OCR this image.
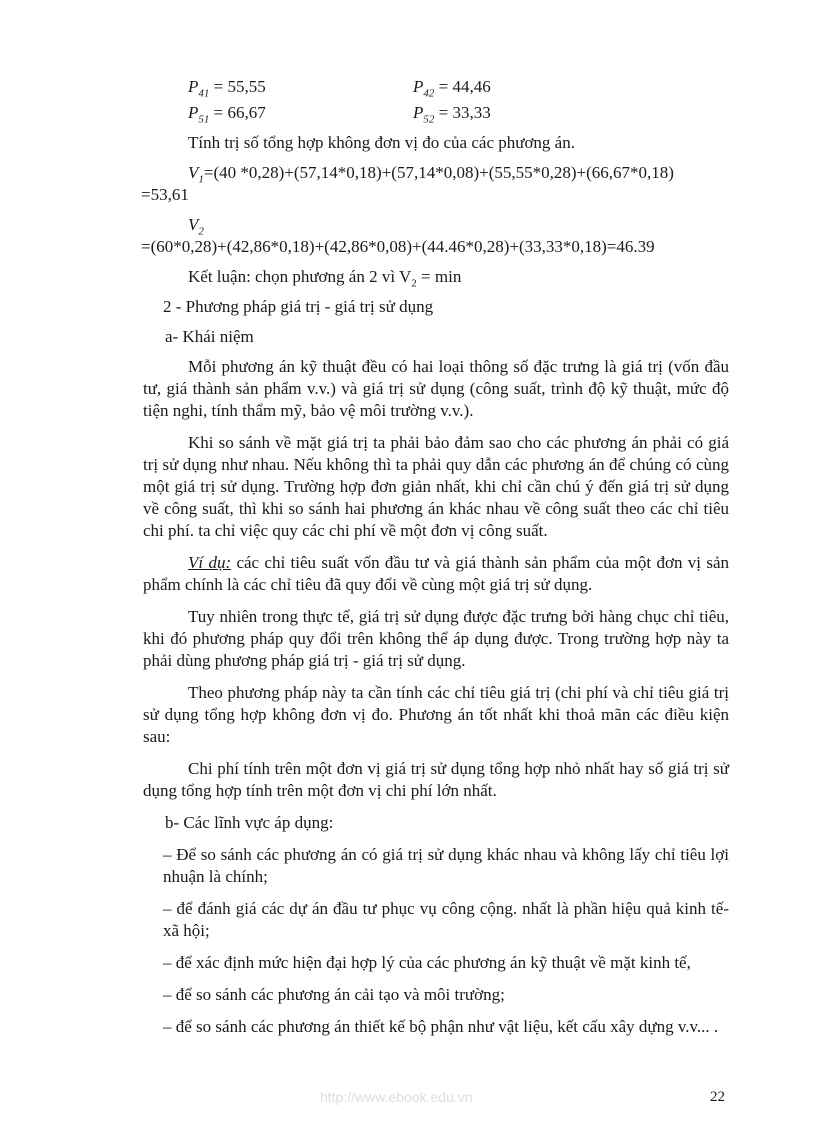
$P_{41} = 55,55$	$P_{42} = 44,46$
$P_{51} = 66,67$	$P_{52} = 33,33$

Tính trị số tổng hợp không đơn vị đo của các phương án.

$V_1=(40$ *0,28)+(57,14*0,18)+(57,14*0,08)+(55,55*0,28)+(66,67*0,18)

=53,61

$V_2$

=(60*0,28)+(42,86*0,18)+(42,86*0,08)+(44.46*0,28)+(33,33*0,18)=46.39

Kết luận: chọn phương án 2 vì $V_2 = \min$

2 - Phương pháp giá trị - giá trị sử dụng

a- Khái niệm

Mỗi phương án kỹ thuật đều có hai loại thông số đặc trưng là giá trị (vốn đầu tư, giá thành sản phẩm v.v.) và giá trị sử dụng (công suất, trình độ kỹ thuật, mức độ tiện nghi, tính thẩm mỹ, bảo vệ môi trường v.v.).

Khi so sánh về mặt giá trị ta phải bảo đảm sao cho các phương án phải có giá trị sử dụng như nhau. Nếu không thì ta phải quy dẫn các phương án để chúng có cùng một giá trị sử dụng. Trường hợp đơn giản nhất, khi chỉ cần chú ý đến giá trị sử dụng về công suất, thì khi so sánh hai phương án khác nhau về công suất theo các chỉ tiêu chi phí. ta chỉ việc quy các chi phí về một đơn vị công suất.

Ví dụ: các chỉ tiêu suất vốn đầu tư và giá thành sản phẩm của một đơn vị sản phẩm chính là các chỉ tiêu đã quy đổi về cùng một giá trị sử dụng.

Tuy nhiên trong thực tế, giá trị sử dụng được đặc trưng bởi hàng chục chỉ tiêu, khi đó phương pháp quy đổi trên không thể áp dụng được. Trong trường hợp này ta phải dùng phương pháp giá trị - giá trị sử dụng.

Theo phương pháp này ta cần tính các chỉ tiêu giá trị (chi phí và chỉ tiêu giá trị sử dụng tổng hợp không đơn vị đo. Phương án tốt nhất khi thoả mãn các điều kiện sau:

Chi phí tính trên một đơn vị giá trị sử dụng tổng hợp nhỏ nhất hay số giá trị sử dụng tổng hợp tính trên một đơn vị chi phí lớn nhất.

b- Các lĩnh vực áp dụng:

– Để so sánh các phương án có giá trị sử dụng khác nhau và không lấy chỉ tiêu lợi nhuận là chính;

– để đánh giá các dự án đầu tư phục vụ công cộng. nhất là phần hiệu quả kinh tế- xã hội;

– để xác định mức hiện đại hợp lý của các phương án kỹ thuật về mặt kinh tế,

– để so sánh các phương án cải tạo và môi trường;

– để so sánh các phương án thiết kế bộ phận như vật liệu, kết cấu xây dựng v.v... .

http://www.ebook.edu.vn	22
